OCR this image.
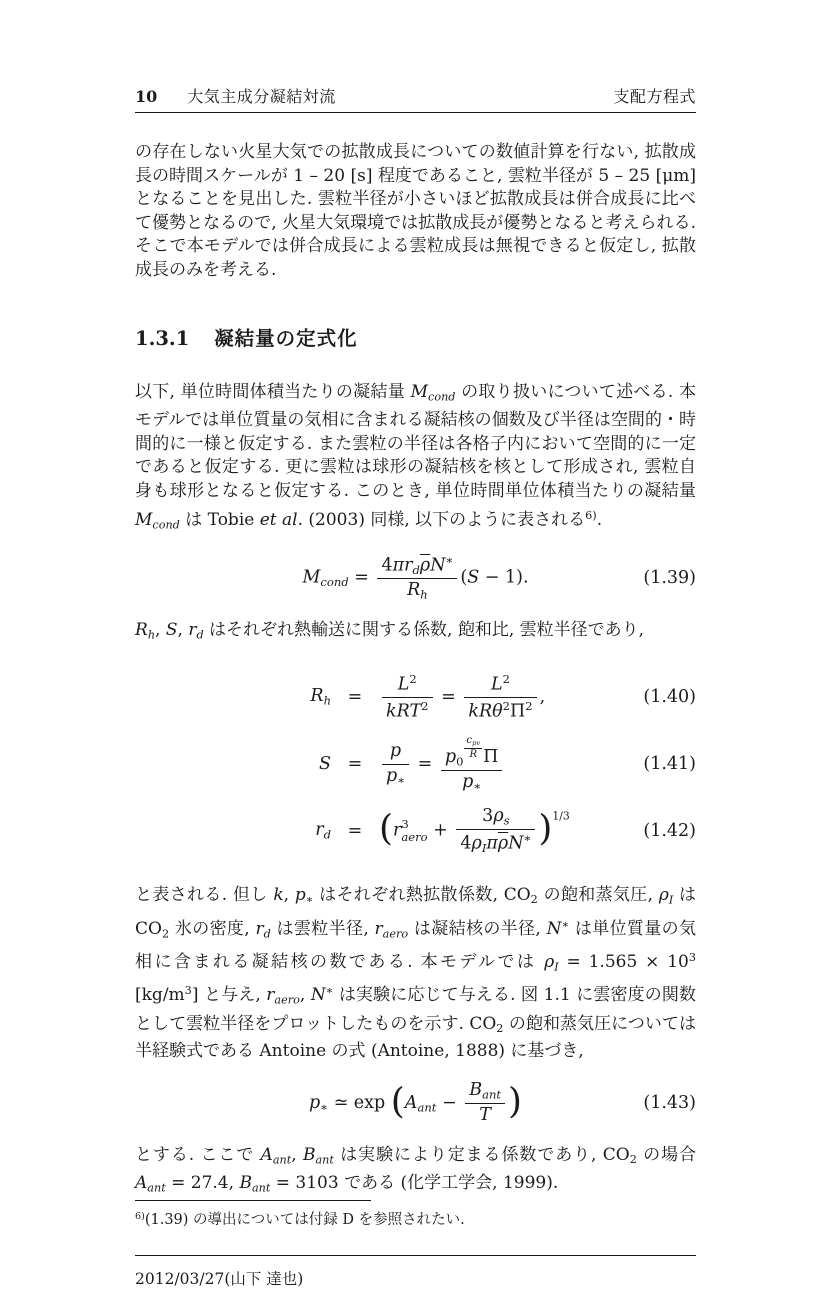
10 大気主成分凝結対流	支配方程式

の存在しない火星大気での拡散成長についての数値計算を行ない, 拡散成長の時間スケールが 1 – 20 [s] 程度であること, 雲粒半径が 5 – 25 [μm] となることを見出した. 雲粒半径が小さいほど拡散成長は併合成長に比べて優勢となるので, 火星大気環境では拡散成長が優勢となると考えられる. そこで本モデルでは併合成長による雲粒成長は無視できると仮定し, 拡散成長のみを考える.

1.3.1 凝結量の定式化

以下, 単位時間体積当たりの凝結量 $M_{cond}$ の取り扱いについて述べる. 本モデルでは単位質量の気相に含まれる凝結核の個数及び半径は空間的・時間的に一様と仮定する. また雲粒の半径は各格子内において空間的に一定であると仮定する. 更に雲粒は球形の凝結核を核として形成され, 雲粒自身も球形となると仮定する. このとき, 単位時間単位体積当たりの凝結量 $M_{cond}$ は Tobie et al. (2003) 同様, 以下のように表される$^{6)}$.

$M_{cond} = \frac{4\pi r_d\overline{\rho}N^∗}{R_h} (S - 1)$.	(1.39)

$R_h$, S, $r_d$ はそれぞれ熱輸送に関する係数, 飽和比, 雲粒半径であり,

$R_h$ =	$\frac{L^2}{kRT^2} = \frac{L^2}{kR\theta^2\Pi^2}$ ,	(1.40)
S =	$\frac{p}{p∗} = p0$
$\frac{c_{pv}}{R}$ Π
p∗	(1.41)
$r_d = (r$ 3
aero + $\frac{3\rho_s}{4\rho_I\pi\overline{\rho}N^∗} )^{1/3}$
(1.42)

と表される. 但し k, p∗ はそれぞれ熱拡散係数, CO2 の飽和蒸気圧, $\rho_I$ は CO2 氷の密度, $r_d$ は雲粒半径, $r_{aero}$ は凝結核の半径, N∗ は単位質量の気相に含まれる凝結核の数である. 本モデルでは $\rho_I = 1.565 \times 10^3$ $[kg/m^3]$ と与え, $r_{aero}$, N∗ は実験に応じて与える. 図 1.1 に雲密度の関数として雲粒半径をプロットしたものを示す. CO2 の飽和蒸気圧については半経験式である Antoine の式 (Antoine, 1888) に基づき,

p∗ ≃ $\exp (A_{ant} - \frac{B_{ant}}{T}$ )	(1.43)

とする. ここで $A_{ant}$, $B_{ant}$ は実験により定まる係数であり, CO2 の場合 $A_{ant} = 27.4$, $B_{ant} = 3103$ である (化学工学会, 1999).

$^{6)}$(1.39) の導出については付録 D を参照されたい.

2012/03/27(山下 達也)
